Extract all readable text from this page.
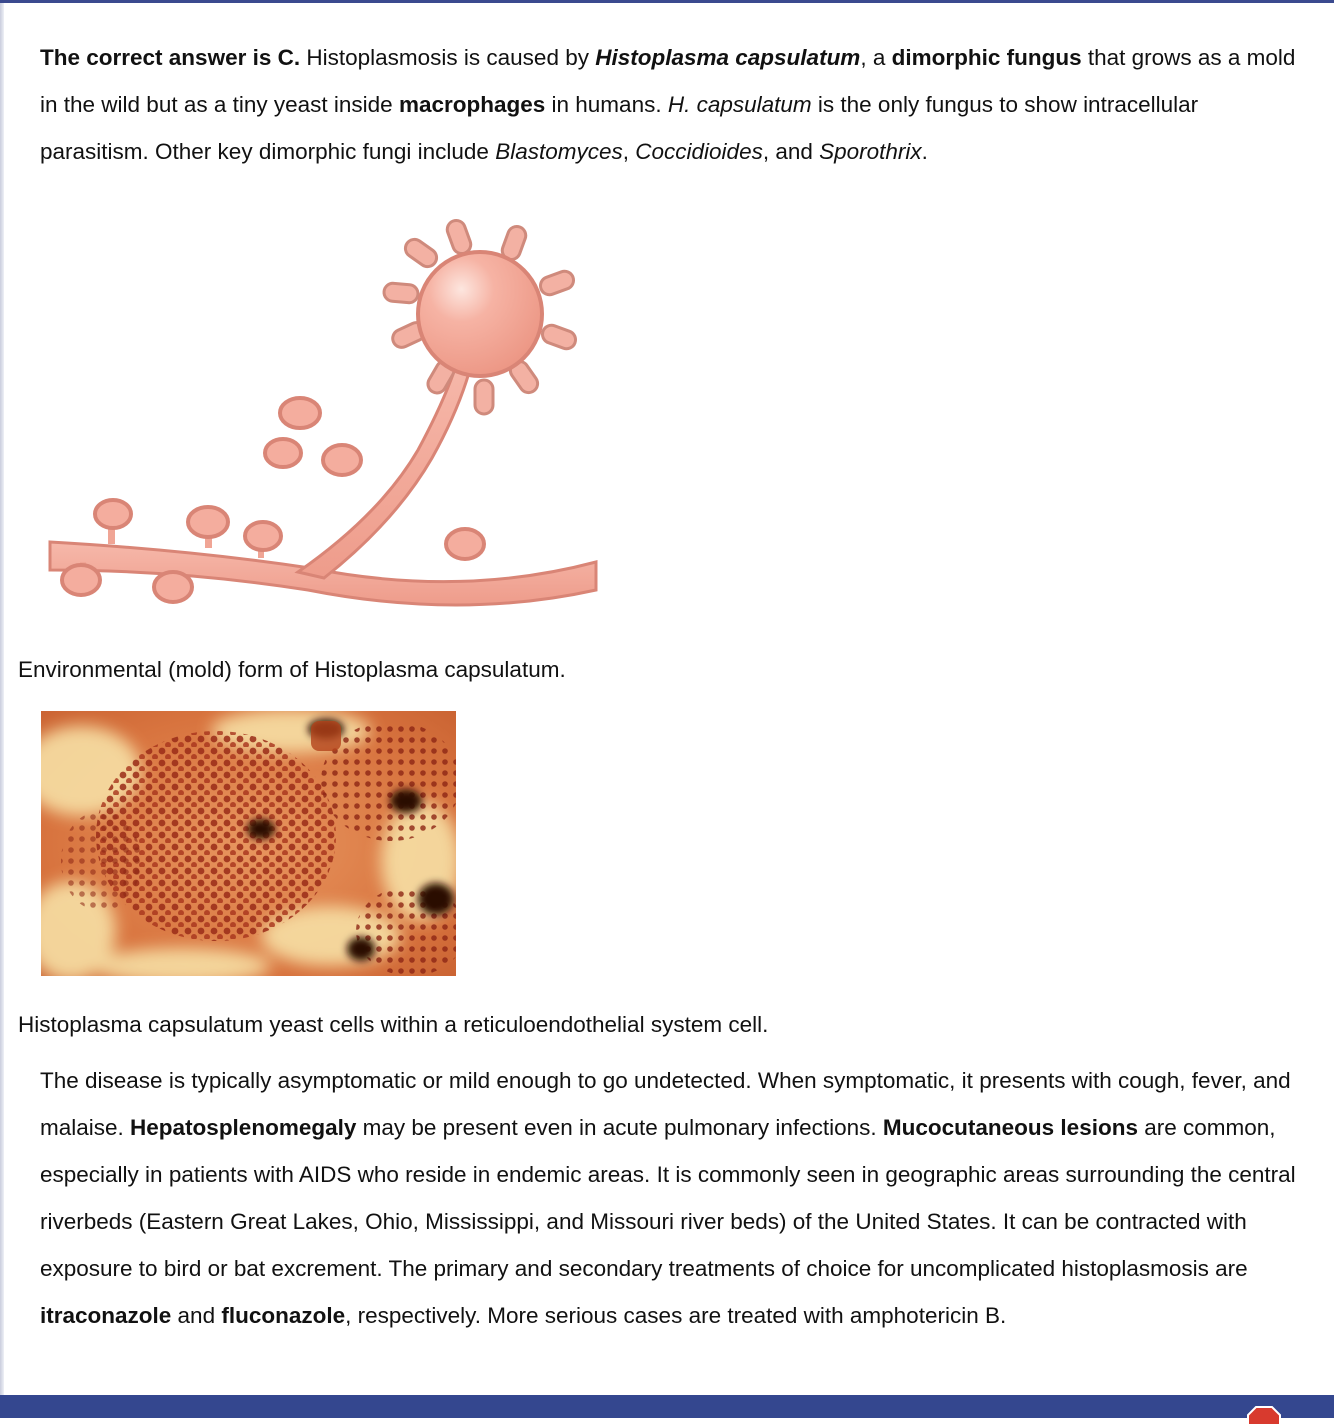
The correct answer is C. Histoplasmosis is caused by Histoplasma capsulatum, a dimorphic fungus that grows as a mold in the wild but as a tiny yeast inside macrophages in humans. H. capsulatum is the only fungus to show intracellular parasitism. Other key dimorphic fungi include Blastomyces, Coccidioides, and Sporothrix.

Environmental (mold) form of Histoplasma capsulatum.

Histoplasma capsulatum yeast cells within a reticuloendothelial system cell.

The disease is typically asymptomatic or mild enough to go undetected. When symptomatic, it presents with cough, fever, and malaise. Hepatosplenomegaly may be present even in acute pulmonary infections. Mucocutaneous lesions are common, especially in patients with AIDS who reside in endemic areas. It is commonly seen in geographic areas surrounding the central riverbeds (Eastern Great Lakes, Ohio, Mississippi, and Missouri river beds) of the United States. It can be contracted with exposure to bird or bat excrement. The primary and secondary treatments of choice for uncomplicated histoplasmosis are itraconazole and fluconazole, respectively. More serious cases are treated with amphotericin B.
